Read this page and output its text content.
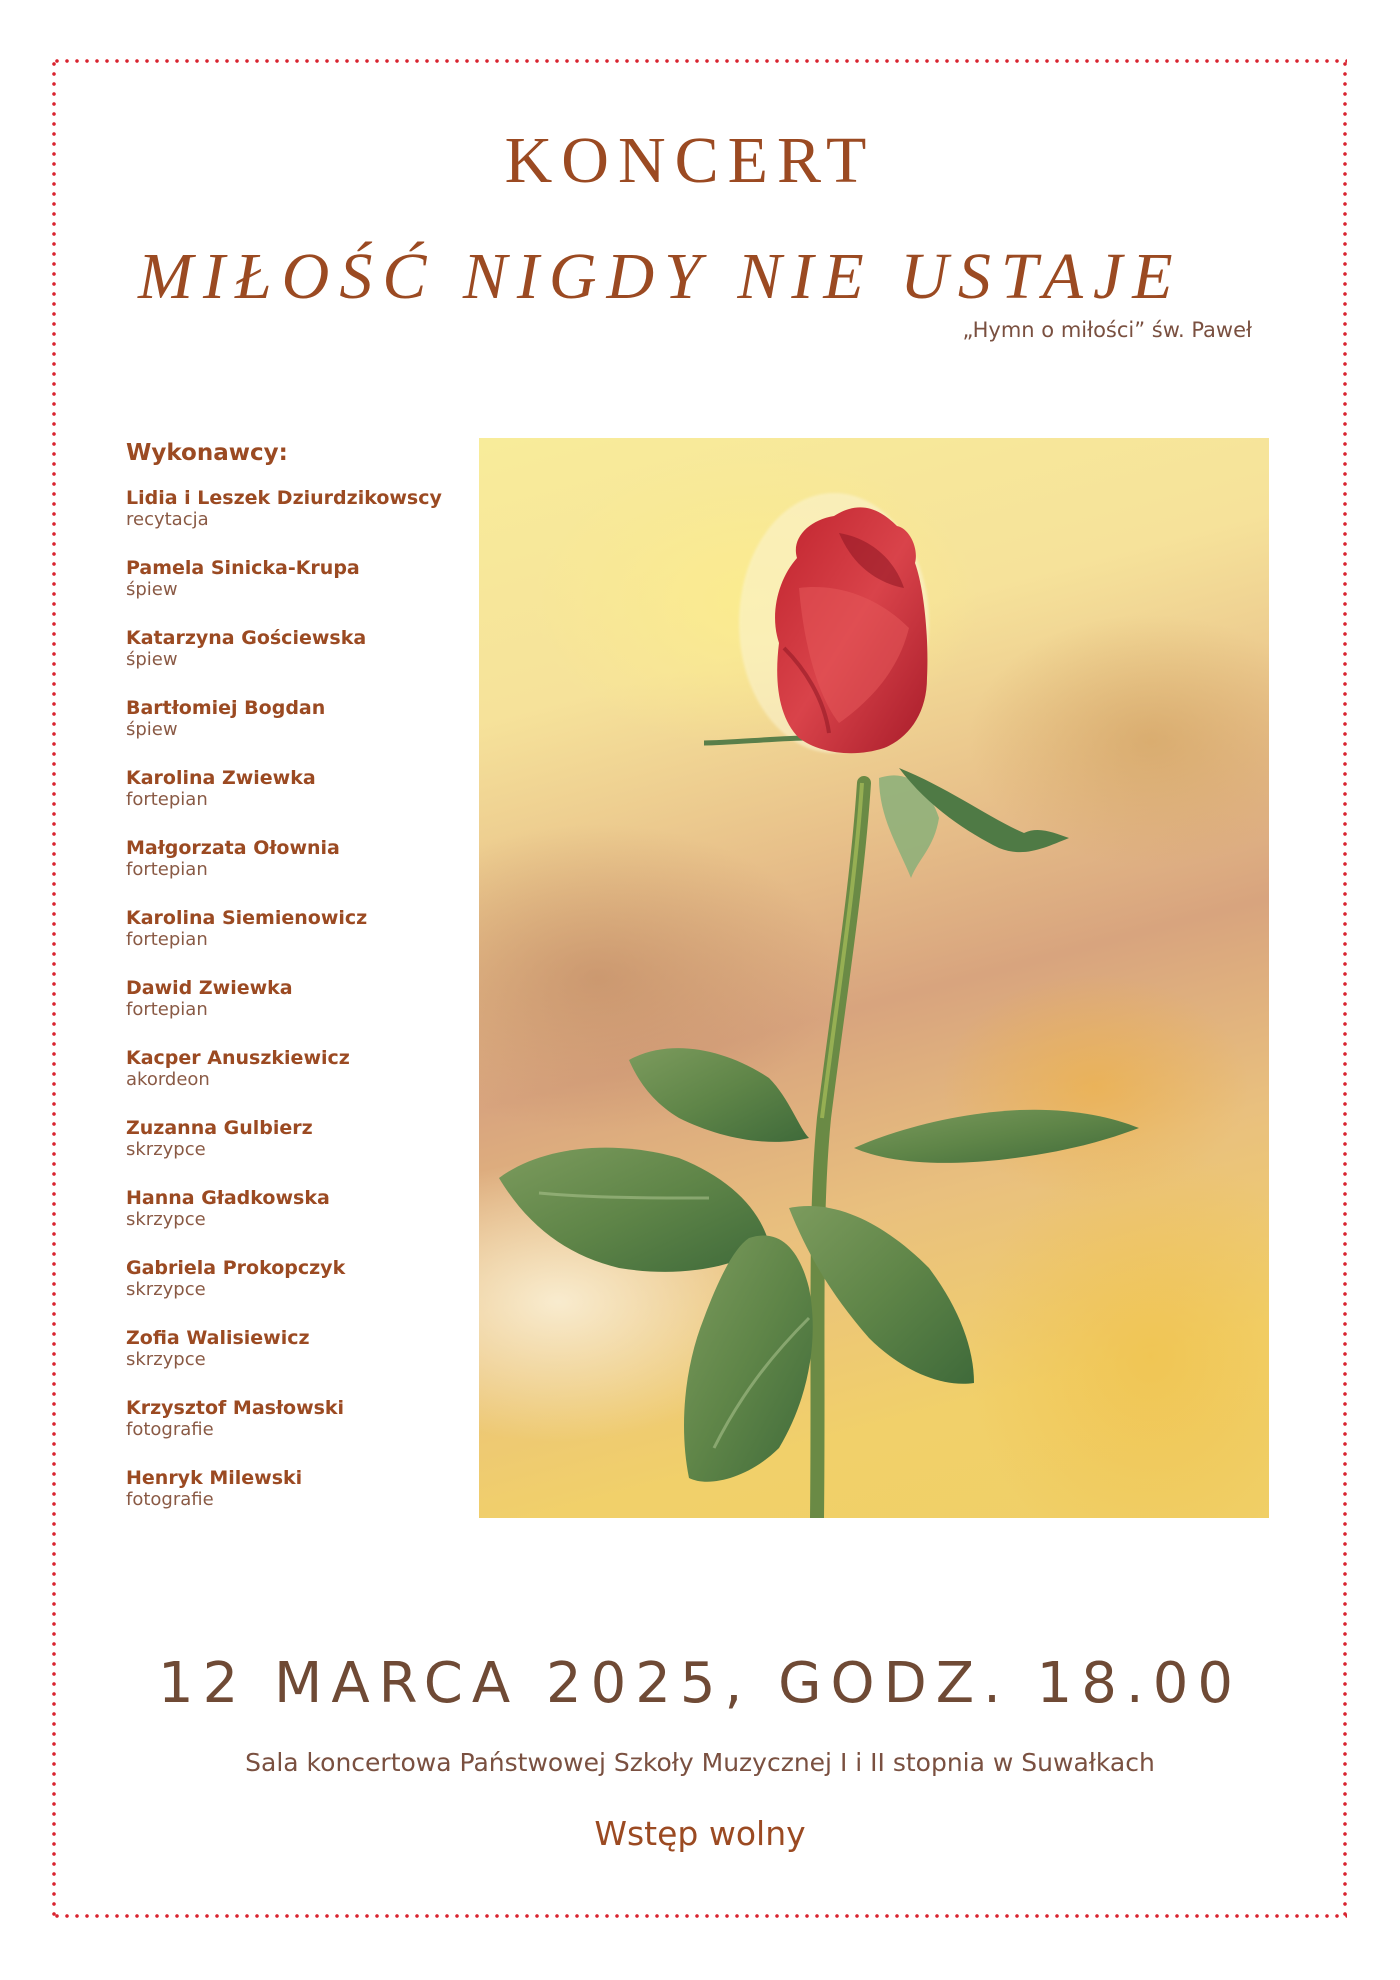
KONCERT
MIŁOŚĆ NIGDY NIE USTAJE
„Hymn o miłości” św. Paweł
Wykonawcy:
Lidia i Leszek Dziurdzikowscy
recytacja
Pamela Sinicka-Krupa
śpiew
Katarzyna Gościewska
śpiew
Bartłomiej Bogdan
śpiew
Karolina Zwiewka
fortepian
Małgorzata Ołownia
fortepian
Karolina Siemienowicz
fortepian
Dawid Zwiewka
fortepian
Kacper Anuszkiewicz
akordeon
Zuzanna Gulbierz
skrzypce
Hanna Gładkowska
skrzypce
Gabriela Prokopczyk
skrzypce
Zofia Walisiewicz
skrzypce
Krzysztof Masłowski
fotografie
Henryk Milewski
fotografie
12 MARCA 2025, GODZ. 18.00
Sala koncertowa Państwowej Szkoły Muzycznej I i II stopnia w Suwałkach
Wstęp wolny
